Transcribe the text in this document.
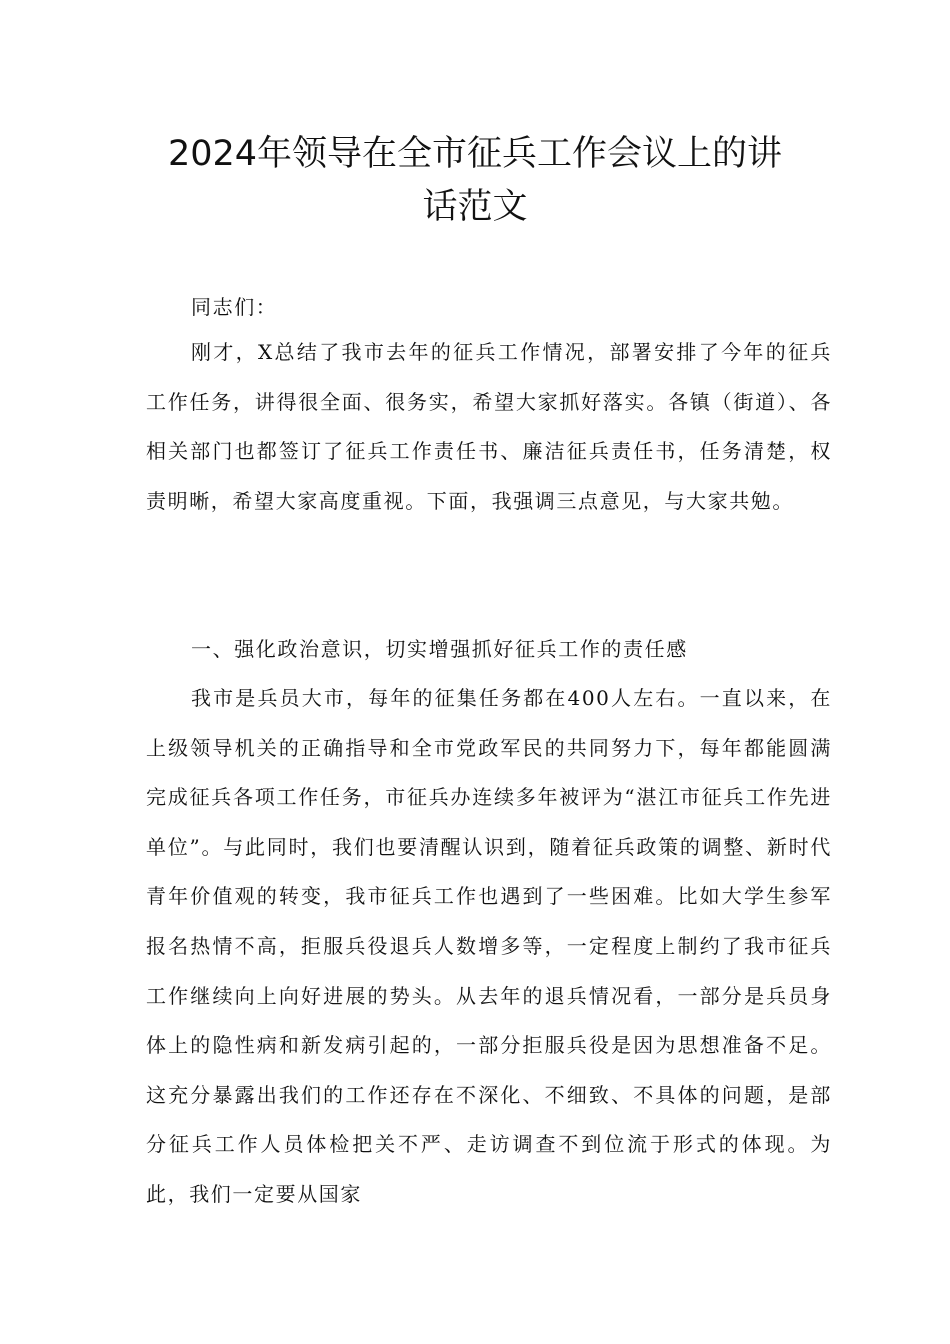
2024年领导在全市征兵工作会议上的讲
话范文

同志们：

刚才，X总结了我市去年的征兵工作情况，部署安排了今年的征兵工作任务，讲得很全面、很务实，希望大家抓好落实。各镇（街道）、各相关部门也都签订了征兵工作责任书、廉洁征兵责任书，任务清楚，权责明晰，希望大家高度重视。下面，我强调三点意见，与大家共勉。

一、强化政治意识，切实增强抓好征兵工作的责任感

我市是兵员大市，每年的征集任务都在400人左右。一直以来，在上级领导机关的正确指导和全市党政军民的共同努力下，每年都能圆满完成征兵各项工作任务，市征兵办连续多年被评为“湛江市征兵工作先进单位”。与此同时，我们也要清醒认识到，随着征兵政策的调整、新时代青年价值观的转变，我市征兵工作也遇到了一些困难。比如大学生参军报名热情不高，拒服兵役退兵人数增多等，一定程度上制约了我市征兵工作继续向上向好进展的势头。从去年的退兵情况看，一部分是兵员身体上的隐性病和新发病引起的，一部分拒服兵役是因为思想准备不足。这充分暴露出我们的工作还存在不深化、不细致、不具体的问题，是部分征兵工作人员体检把关不严、走访调查不到位流于形式的体现。为此，我们一定要从国家
